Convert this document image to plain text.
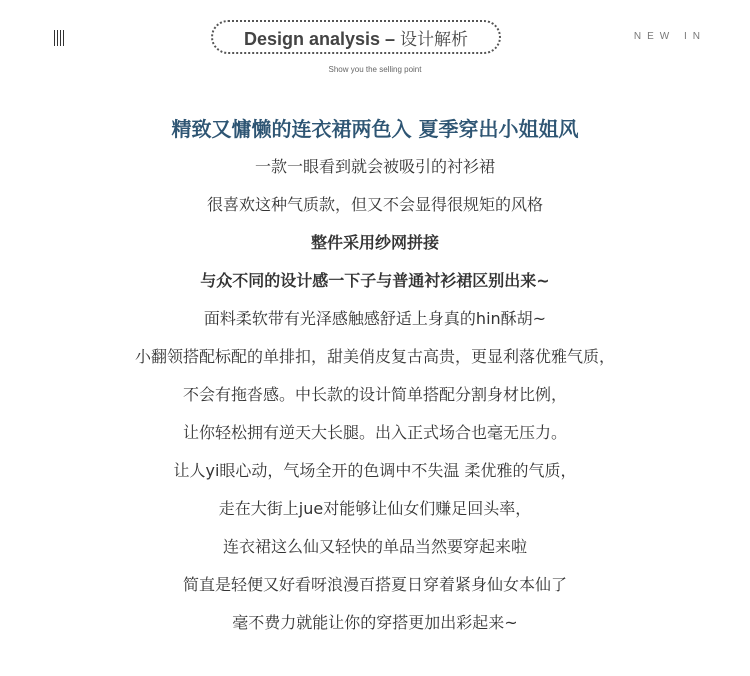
NEW IN
Design analysis – 设计解析
Show you the selling point
精致又慵懒的连衣裙两色入 夏季穿出小姐姐风
一款一眼看到就会被吸引的衬衫裙
很喜欢这种气质款，但又不会显得很规矩的风格
整件采用纱网拼接
与众不同的设计感一下子与普通衬衫裙区别出来~
面料柔软带有光泽感触感舒适上身真的hin酥胡~
小翻领搭配标配的单排扣，甜美俏皮复古高贵，更显利落优雅气质，
不会有拖沓感。中长款的设计简单搭配分割身材比例，
让你轻松拥有逆天大长腿。出入正式场合也毫无压力。
让人yi眼心动，气场全开的色调中不失温 柔优雅的气质，
走在大街上jue对能够让仙女们赚足回头率，
连衣裙这么仙又轻快的单品当然要穿起来啦
简直是轻便又好看呀浪漫百搭夏日穿着紧身仙女本仙了
毫不费力就能让你的穿搭更加出彩起来~
